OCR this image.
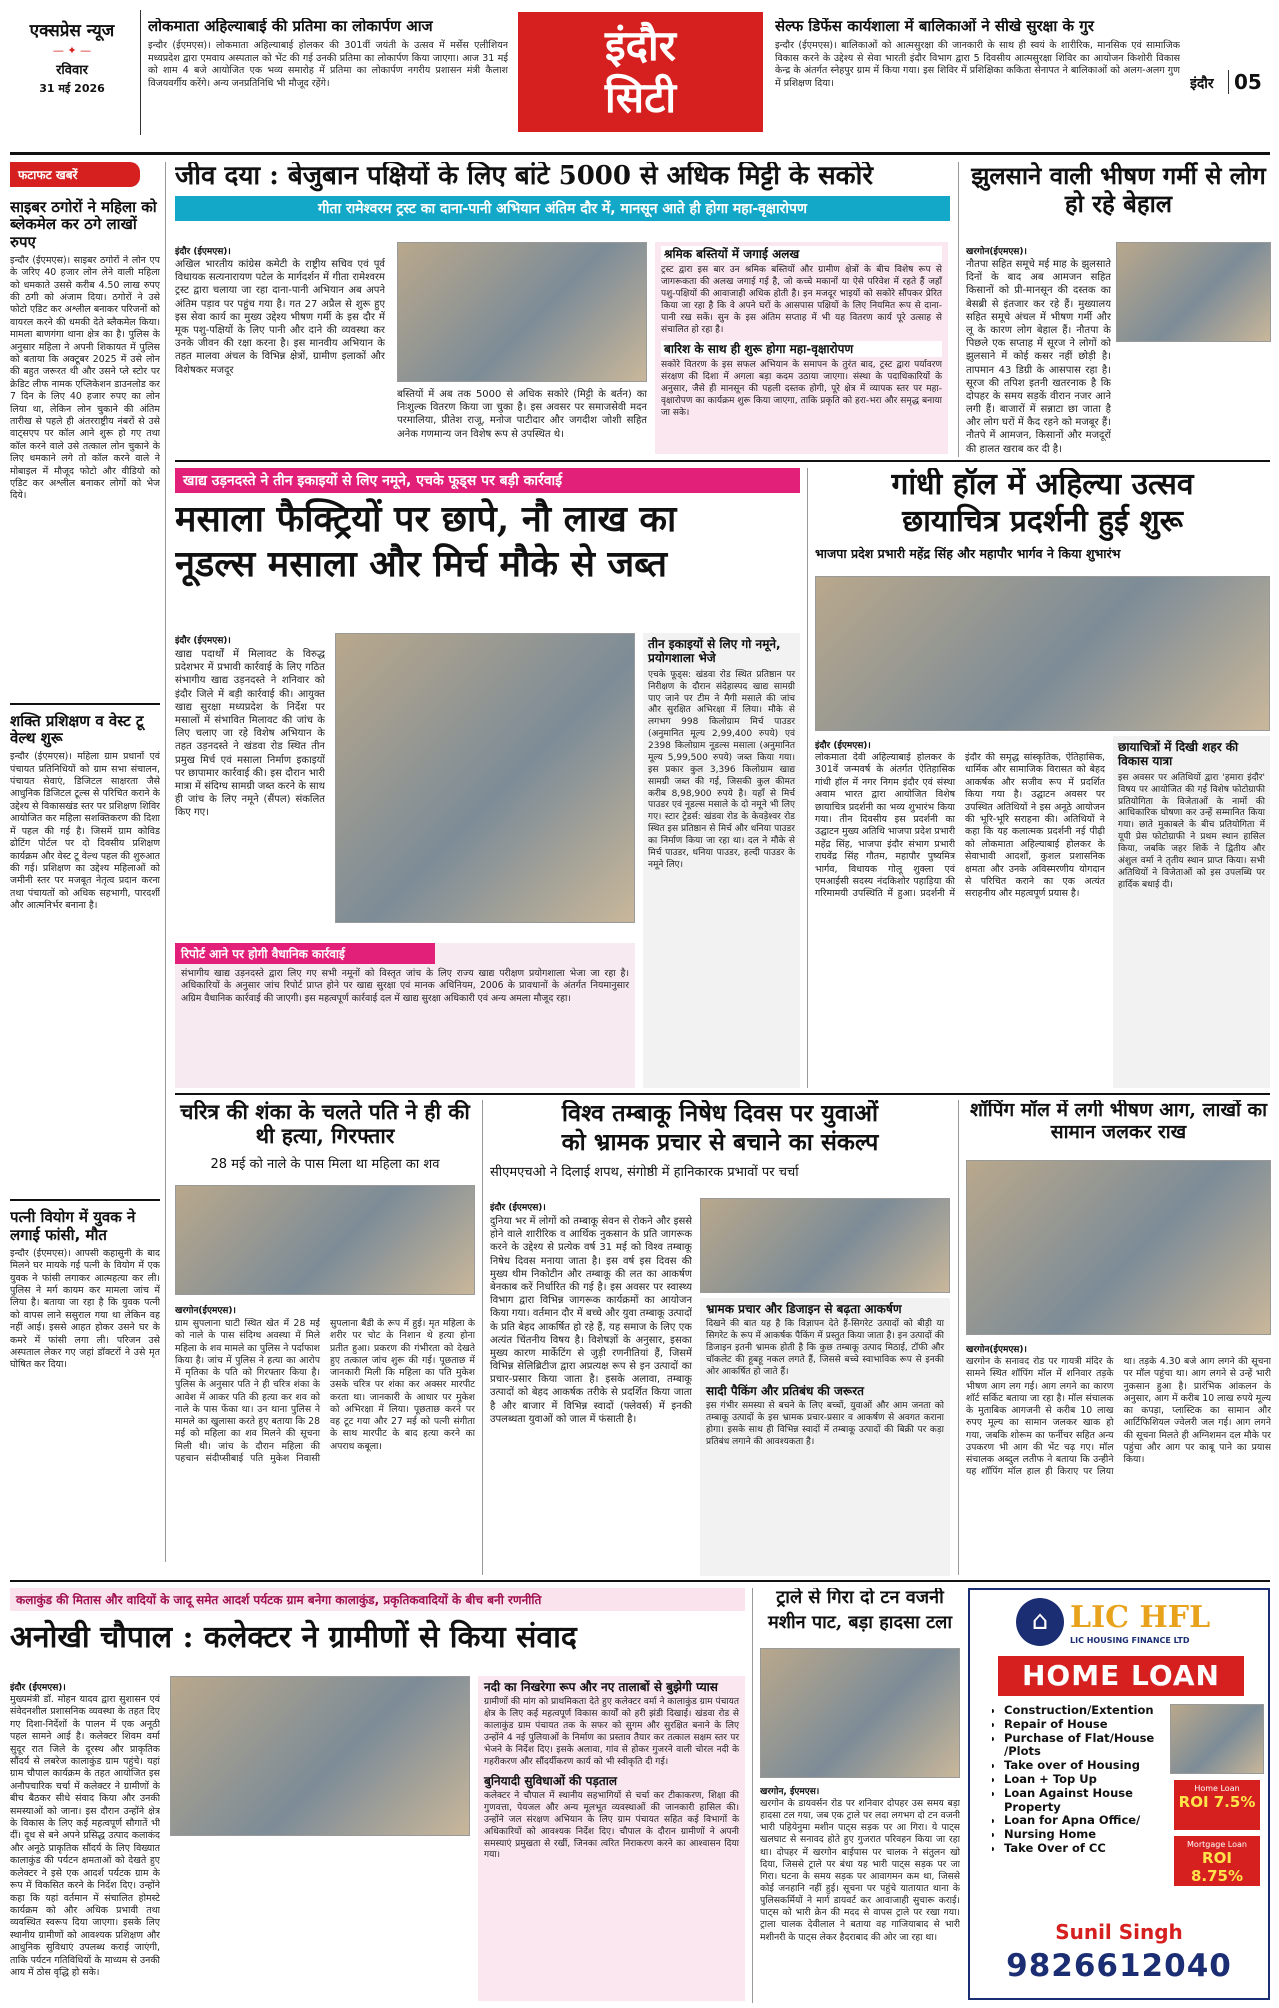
एक्सप्रेस न्यूज
— ✦ —
रविवार
31 मई 2026
लोकमाता अहिल्याबाई की प्रतिमा का लोकार्पण आज
इन्दौर (ईएमएस)। लोकमाता अहिल्याबाई होलकर की 301वीं जयंती के उत्सव में मर्सेस एलीशियन मध्यप्रदेश द्वारा एमवाय अस्पताल को भेंट की गई उनकी प्रतिमा का लोकार्पण किया जाएगा। आज 31 मई को शाम 4 बजे आयोजित एक भव्य समारोह में प्रतिमा का लोकार्पण नगरीय प्रशासन मंत्री कैलाश विजयवर्गीय करेंगे। अन्य जनप्रतिनिधि भी मौजूद रहेंगे।
इंदौर
सिटी
सेल्फ डिफेंस कार्यशाला में बालिकाओं ने सीखे सुरक्षा के गुर
इन्दौर (ईएमएस)। बालिकाओं को आत्मसुरक्षा की जानकारी के साथ ही स्वयं के शारीरिक, मानसिक एवं सामाजिक विकास करने के उद्देश्य से सेवा भारती इंदौर विभाग द्वारा 5 दिवसीय आत्मसुरक्षा शिविर का आयोजन किशोरी विकास केन्द्र के अंतर्गत स्नेहपुर ग्राम में किया गया। इस शिविर में प्रशिक्षिका ककिता सेनापत ने बालिकाओं को अलग-अलग गुण में प्रशिक्षण दिया।	इंदौर	05
फटाफट खबरें
साइबर ठगोरों ने महिला को ब्लेकमेल कर ठगे लाखों रुपए
इन्दौर (ईएमएस)। साइबर ठगोरों ने लोन एप के जरिए 40 हजार लोन लेने वाली महिला को धमकाते उससे करीब 4.50 लाख रुपए की ठगी को अंजाम दिया। ठगोरों ने उसे फोटो एडिट कर अश्लील बनाकर परिजनों को वायरल करने की धमकी देते ब्लैकमेल किया। मामला बाणगंगा थाना क्षेत्र का है। पुलिस के अनुसार महिला ने अपनी शिकायत में पुलिस को बताया कि अक्टूबर 2025 में उसे लोन की बहुत जरूरत थी और उसने प्ले स्टोर पर क्रेडिट लीफ नामक एप्लिकेशन डाउनलोड कर 7 दिन के लिए 40 हजार रुपए का लोन लिया था, लेकिन लोन चुकाने की अंतिम तारीख से पहले ही अंतरराष्ट्रीय नंबरों से उसे वाट्सएप पर कॉल आने शुरू हो गए तथा कॉल करने वाले उसे तत्काल लोन चुकाने के लिए धमकाने लगे तो कॉल करने वाले ने मोबाइल में मौजूद फोटो और वीडियो को एडिट कर अश्लील बनाकर लोगों को भेज दिये।
शक्ति प्रशिक्षण व वेस्ट टू वेल्थ शुरू
इन्दौर (ईएमएस)। महिला ग्राम प्रधानों एवं पंचायत प्रतिनिधियों को ग्राम सभा संचालन, पंचायत सेवाएं, डिजिटल साक्षरता जैसे आधुनिक डिजिटल टूल्स से परिचित कराने के उद्देश्य से विकासखंड स्तर पर प्रशिक्षण शिविर आयोजित कर महिला सशक्तिकरण की दिशा में पहल की गई है। जिसमें ग्राम कोविड ढोटिंग पोर्टल पर दो दिवसीय प्रशिक्षण कार्यक्रम और वेस्ट टू वेल्थ पहल की शुरुआत की गई। प्रशिक्षण का उद्देश्य महिलाओं को जमीनी स्तर पर मजबूत नेतृत्व प्रदान करना तथा पंचायतों को अधिक सहभागी, पारदर्शी और आत्मनिर्भर बनाना है।
पत्नी वियोग में युवक ने लगाई फांसी, मौत
इन्दौर (ईएमएस)। आपसी कहासुनी के बाद मिलने घर मायके गई पत्नी के वियोग में एक युवक ने फांसी लगाकर आत्महत्या कर ली। पुलिस ने मर्ग कायम कर मामला जांच में लिया है। बताया जा रहा है कि युवक पत्नी को वापस लाने ससुराल गया था लेकिन वह नहीं आई। इससे आहत होकर उसने घर के कमरे में फांसी लगा ली। परिजन उसे अस्पताल लेकर गए जहां डॉक्टरों ने उसे मृत घोषित कर दिया।
जीव दया : बेजुबान पक्षियों के लिए बांटे 5000 से अधिक मिट्टी के सकोरे
गीता रामेश्वरम ट्रस्ट का दाना-पानी अभियान अंतिम दौर में, मानसून आते ही होगा महा-वृक्षारोपण
इंदौर (ईएमएस)।
अखिल भारतीय कांग्रेस कमेटी के राष्ट्रीय सचिव एवं पूर्व विधायक सत्यनारायण पटेल के मार्गदर्शन में गीता रामेश्वरम ट्रस्ट द्वारा चलाया जा रहा दाना-पानी अभियान अब अपने अंतिम पड़ाव पर पहुंच गया है। गत 27 अप्रैल से शुरू हुए इस सेवा कार्य का मुख्य उद्देश्य भीषण गर्मी के इस दौर में मूक पशु-पक्षियों के लिए पानी और दाने की व्यवस्था कर उनके जीवन की रक्षा करना है। इस मानवीय अभियान के तहत मालवा अंचल के विभिन्न क्षेत्रों, ग्रामीण इलाकों और विशेषकर मजदूर
बस्तियों में अब तक 5000 से अधिक सकोरे (मिट्टी के बर्तन) का निःशुल्क वितरण किया जा चुका है। इस अवसर पर समाजसेवी मदन परमालिया, प्रीतेश राजू, मनोज पाटीदार और जगदीश जोशी सहित अनेक गणमान्य जन विशेष रूप से उपस्थित थे।
श्रमिक बस्तियों में जगाई अलख
ट्रस्ट द्वारा इस बार उन श्रमिक बस्तियों और ग्रामीण क्षेत्रों के बीच विशेष रूप से जागरूकता की अलख जगाई गई है, जो कच्चे मकानों या ऐसे परिवेश में रहते हैं जहाँ पशु-पक्षियों की आवाजाही अधिक होती है। इन मजदूर भाइयों को सकोरे सौंपकर प्रेरित किया जा रहा है कि वे अपने घरों के आसपास पक्षियों के लिए नियमित रूप से दाना-पानी रख सकें। सुन के इस अंतिम सप्ताह में भी यह वितरण कार्य पूरे उत्साह से संचालित हो रहा है।
बारिश के साथ ही शुरू होगा महा-वृक्षारोपण
सकोरे वितरण के इस सफल अभियान के समापन के तुरंत बाद, ट्रस्ट द्वारा पर्यावरण संरक्षण की दिशा में अगला बड़ा कदम उठाया जाएगा। संस्था के पदाधिकारियों के अनुसार, जैसे ही मानसून की पहली दस्तक होगी, पूरे क्षेत्र में व्यापक स्तर पर महा-वृक्षारोपण का कार्यक्रम शुरू किया जाएगा, ताकि प्रकृति को हरा-भरा और समृद्ध बनाया जा सके।
झुलसाने वाली भीषण गर्मी से लोग हो रहे बेहाल
खरगोन(ईएमएस)।
नौतपा सहित समूचे मई माह के झुलसाते दिनों के बाद अब आमजन सहित किसानों को प्री-मानसून की दस्तक का बेसब्री से इंतजार कर रहे हैं। मुख्यालय सहित समूचे अंचल में भीषण गर्मी और लू के कारण लोग बेहाल हैं। नौतपा के पिछले एक सप्ताह में सूरज ने लोगों को झुलसाने में कोई कसर नहीं छोड़ी है। तापमान 43 डिग्री के आसपास रहा है। सूरज की तपिश इतनी खतरनाक है कि दोपहर के समय सड़कें वीरान नजर आने लगी हैं। बाजारों में सन्नाटा छा जाता है और लोग घरों में कैद रहने को मजबूर हैं। नौतपे में आमजन, किसानों और मजदूरों की हालत खराब कर दी है।
खाद्य उड़नदस्ते ने तीन इकाइयों से लिए नमूने, एचके फूड्स पर बड़ी कार्रवाई
मसाला फैक्ट्रियों पर छापे, नौ लाख का
नूडल्स मसाला और मिर्च मौके से जब्त
इंदौर (ईएमएस)।
खाद्य पदार्थों में मिलावट के विरुद्ध प्रदेशभर में प्रभावी कार्रवाई के लिए गठित संभागीय खाद्य उड़नदस्ते ने शनिवार को इंदौर जिले में बड़ी कार्रवाई की। आयुक्त खाद्य सुरक्षा मध्यप्रदेश के निर्देश पर मसालों में संभावित मिलावट की जांच के लिए चलाए जा रहे विशेष अभियान के तहत उड़नदस्ते ने खंडवा रोड स्थित तीन प्रमुख मिर्च एवं मसाला निर्माण इकाइयों पर छापामार कार्रवाई की। इस दौरान भारी मात्रा में संदिग्ध सामग्री जब्त करने के साथ ही जांच के लिए नमूने (सैंपल) संकलित किए गए।
रिपोर्ट आने पर होगी वैधानिक कार्रवाई
संभागीय खाद्य उड़नदस्ते द्वारा लिए गए सभी नमूनों को विस्तृत जांच के लिए राज्य खाद्य परीक्षण प्रयोगशाला भेजा जा रहा है। अधिकारियों के अनुसार जांच रिपोर्ट प्राप्त होने पर खाद्य सुरक्षा एवं मानक अधिनियम, 2006 के प्रावधानों के अंतर्गत नियमानुसार अग्रिम वैधानिक कार्रवाई की जाएगी। इस महत्वपूर्ण कार्रवाई दल में खाद्य सुरक्षा अधिकारी एवं अन्य अमला मौजूद रहा।
तीन इकाइयों से लिए गो नमूने, प्रयोगशाला भेजे
एचके फूड्स: खंडवा रोड स्थित प्रतिष्ठान पर निरीक्षण के दौरान संदेहास्पद खाद्य सामग्री पाए जाने पर टीम ने मैगी मसाले की जांच और सुरक्षित अभिरक्षा में लिया। मौके से लगभग 998 किलोग्राम मिर्च पाउडर (अनुमानित मूल्य 2,99,400 रुपये) एवं 2398 किलोग्राम नूडल्स मसाला (अनुमानित मूल्य 5,99,500 रुपये) जब्त किया गया। इस प्रकार कुल 3,396 किलोग्राम खाद्य सामग्री जब्त की गई, जिसकी कुल कीमत करीब 8,98,900 रुपये है। यहाँ से मिर्च पाउडर एवं नूडल्स मसाले के दो नमूने भी लिए गए। स्टार ट्रेडर्स: खंडवा रोड के केवड़ेश्वर रोड स्थित इस प्रतिष्ठान से मिर्च और धनिया पाउडर का निर्माण किया जा रहा था। दल ने मौके से मिर्च पाउडर, धनिया पाउडर, हल्दी पाउडर के नमूने लिए।
गांधी हॉल में अहिल्या उत्सव
छायाचित्र प्रदर्शनी हुई शुरू
भाजपा प्रदेश प्रभारी महेंद्र सिंह और महापौर भार्गव ने किया शुभारंभ
इंदौर (ईएमएस)।
लोकमाता देवी अहिल्याबाई होलकर के 301वें जन्मवर्ष के अंतर्गत ऐतिहासिक गांधी हॉल में नगर निगम इंदौर एवं संस्था अवाम भारत द्वारा आयोजित विशेष छायाचित्र प्रदर्शनी का भव्य शुभारंभ किया गया। तीन दिवसीय इस प्रदर्शनी का उद्घाटन मुख्य अतिथि भाजपा प्रदेश प्रभारी महेंद्र सिंह, भाजपा इंदौर संभाग प्रभारी राघवेंद्र सिंह गौतम, महापौर पुष्यमित्र भार्गव, विधायक गोलू शुक्ला एवं एमआईसी सदस्य नंदकिशोर पहाड़िया की गरिमामयी उपस्थिति में हुआ। प्रदर्शनी में इंदौर की समृद्ध सांस्कृतिक, ऐतिहासिक, धार्मिक और सामाजिक विरासत को बेहद आकर्षक और सजीव रूप में प्रदर्शित किया गया है। उद्घाटन अवसर पर उपस्थित अतिथियों ने इस अनूठे आयोजन की भूरि-भूरि सराहना की। अतिथियों ने कहा कि यह कलात्मक प्रदर्शनी नई पीढ़ी को लोकमाता अहिल्याबाई होलकर के सेवाभावी आदर्शों, कुशल प्रशासनिक क्षमता और उनके अविस्मरणीय योगदान से परिचित कराने का एक अत्यंत सराहनीय और महत्वपूर्ण प्रयास है।
छायाचित्रों में दिखी शहर की विकास यात्रा
इस अवसर पर अतिथियों द्वारा 'हमारा इंदौर' विषय पर आयोजित की गई विशेष फोटोग्राफी प्रतियोगिता के विजेताओं के नामों की आधिकारिक घोषणा कर उन्हें सम्मानित किया गया। छाते मुकाबले के बीच प्रतियोगिता में यूपी प्रेस फोटोग्राफी ने प्रथम स्थान हासिल किया, जबकि जहर शिर्के ने द्वितीय और अंशुल वर्मा ने तृतीय स्थान प्राप्त किया। सभी अतिथियों ने विजेताओं को इस उपलब्धि पर हार्दिक बधाई दी।
चरित्र की शंका के चलते पति ने ही की थी हत्या, गिरफ्तार
28 मई को नाले के पास मिला था महिला का शव
खरगोन(ईएमएस)।
ग्राम सुपलाना घाटी स्थित खेत में 28 मई को नाले के पास संदिग्ध अवस्था में मिले महिला के शव मामले का पुलिस ने पर्दाफाश किया है। जांच में पुलिस ने हत्या का आरोप में मृतिका के पति को गिरफ्तार किया है। पुलिस के अनुसार पति ने ही चरित्र शंका के आवेश में आकर पति की हत्या कर शव को नाले के पास फेंका था। उन थाना पुलिस ने मामले का खुलासा करते हुए बताया कि 28 मई को महिला का शव मिलने की सूचना मिली थी। जांच के दौरान महिला की पहचान संदीप्सीबाई पति मुकेश निवासी सुपलाना बैडी के रूप में हुई। मृत महिला के शरीर पर चोट के निशान थे हत्या होना प्रतीत हुआ। प्रकरण की गंभीरता को देखते हुए तत्काल जांच शुरू की गई। पूछताछ में जानकारी मिली कि महिला का पति मुकेश उसके चरित्र पर शंका कर अक्सर मारपीट करता था। जानकारी के आधार पर मुकेश को अभिरक्षा में लिया। पूछताछ करने पर वह टूट गया और 27 मई को पत्नी संगीता के साथ मारपीट के बाद हत्या करने का अपराध कबूला।
विश्व तम्बाकू निषेध दिवस पर युवाओं
को भ्रामक प्रचार से बचाने का संकल्प
सीएमएचओ ने दिलाई शपथ, संगोष्ठी में हानिकारक प्रभावों पर चर्चा
इंदौर (ईएमएस)।
दुनिया भर में लोगों को तम्बाकू सेवन से रोकने और इससे होने वाले शारीरिक व आर्थिक नुकसान के प्रति जागरूक करने के उद्देश्य से प्रत्येक वर्ष 31 मई को विश्व तम्बाकू निषेध दिवस मनाया जाता है। इस वर्ष इस दिवस की मुख्य थीम निकोटीन और तम्बाकू की लत का आकर्षण बेनकाब करें निर्धारित की गई है। इस अवसर पर स्वास्थ्य विभाग द्वारा विभिन्न जागरूक कार्यक्रमों का आयोजन किया गया। वर्तमान दौर में बच्चे और युवा तम्बाकू उत्पादों के प्रति बेहद आकर्षित हो रहे हैं, यह समाज के लिए एक अत्यंत चिंतनीय विषय है। विशेषज्ञों के अनुसार, इसका मुख्य कारण मार्केटिंग से जुड़ी रणनीतियां हैं, जिसमें विभिन्न सेलिब्रिटीज द्वारा अप्रत्यक्ष रूप से इन उत्पादों का प्रचार-प्रसार किया जाता है। इसके अलावा, तम्बाकू उत्पादों को बेहद आकर्षक तरीके से प्रदर्शित किया जाता है और बाजार में विभिन्न स्वादों (फ्लेवर्स) में इनकी उपलब्धता युवाओं को जाल में फंसाती है।
भ्रामक प्रचार और डिजाइन से बढ़ता आकर्षण
दिखने की बात यह है कि विज्ञापन देते हैं-सिगरेट उत्पादों को बीड़ी या सिगरेट के रूप में आकर्षक पैकिंग में प्रस्तुत किया जाता है। इन उत्पादों की डिजाइन इतनी भ्रामक होती है कि कुछ तम्बाकू उत्पाद मिठाई, टॉफी और चॉकलेट की हूबहू नकल लगते हैं, जिससे बच्चे स्वाभाविक रूप से इनकी ओर आकर्षित हो जाते हैं।
सादी पैकिंग और प्रतिबंध की जरूरत
इस गंभीर समस्या से बचने के लिए बच्चों, युवाओं और आम जनता को तम्बाकू उत्पादों के इस भ्रामक प्रचार-प्रसार व आकर्षण से अवगत कराना होगा। इसके साथ ही विभिन्न स्वादों में तम्बाकू उत्पादों की बिक्री पर कड़ा प्रतिबंध लगाने की आवश्यकता है।
शॉपिंग मॉल में लगी भीषण आग, लाखों का सामान जलकर राख
खरगोन(ईएमएस)।
खरगोन के सनावद रोड पर गायत्री मंदिर के सामने स्थित शॉपिंग मॉल में शनिवार तड़के भीषण आग लग गई। आग लगने का कारण शॉर्ट सर्किट बताया जा रहा है। मॉल संचालक के मुताबिक आगजनी से करीब 10 लाख रुपए मूल्य का सामान जलकर खाक हो गया, जबकि शोरूम का फर्नीचर सहित अन्य उपकरण भी आग की भेंट चढ़ गए। मॉल संचालक अब्दुल लतीफ ने बताया कि उन्हीने यह शॉपिंग मॉल हाल ही किराए पर लिया था। तड़के 4.30 बजे आग लगने की सूचना पर मॉल पहुंचा था। आग लगने से उन्हें भारी नुकसान हुआ है। प्रारंभिक आंकलन के अनुसार, आग में करीब 10 लाख रुपये मूल्य का कपड़ा, प्लास्टिक का सामान और आर्टिफिशियल ज्वेलरी जल गई। आग लगने की सूचना मिलते ही अग्निशमन दल मौके पर पहुंचा और आग पर काबू पाने का प्रयास किया।
कलाकुंड की मितास और वादियों के जादू समेत आदर्श पर्यटक ग्राम बनेगा कालाकुंड, प्रकृतिकवादियों के बीच बनी रणनीति
अनोखी चौपाल : कलेक्टर ने ग्रामीणों से किया संवाद
इंदौर (ईएमएस)।
मुख्यमंत्री डॉ. मोहन यादव द्वारा सुशासन एवं संवेदनशील प्रशासनिक व्यवस्था के तहत दिए गए दिशा-निर्देशों के पालन में एक अनूठी पहल सामने आई है। कलेक्टर शिवम वर्मा सुदूर रात जिले के दूरस्थ और प्राकृतिक सौंदर्य से लबरेज कालाकुंड ग्राम पहुंचे। यहां ग्राम चौपाल कार्यक्रम के तहत आयोजित इस अनौपचारिक चर्चा में कलेक्टर ने ग्रामीणों के बीच बैठकर सीधे संवाद किया और उनकी समस्याओं को जाना। इस दौरान उन्होंने क्षेत्र के विकास के लिए कई महत्वपूर्ण सौगातें भी दीं। दूध से बने अपने प्रसिद्ध उत्पाद कलाकंद और अनूठे प्राकृतिक सौंदर्य के लिए विख्यात कालाकुंड की पर्यटन क्षमताओं को देखते हुए कलेक्टर ने इसे एक आदर्श पर्यटक ग्राम के रूप में विकसित करने के निर्देश दिए। उन्होंने कहा कि यहां वर्तमान में संचालित होमस्टे कार्यक्रम को और अधिक प्रभावी तथा व्यवस्थित स्वरूप दिया जाएगा। इसके लिए स्थानीय ग्रामीणों को आवश्यक प्रशिक्षण और आधुनिक सुविधाएं उपलब्ध कराई जाएंगी, ताकि पर्यटन गतिविधियों के माध्यम से उनकी आय में ठोस वृद्धि हो सके।
नदी का निखरेगा रूप और नए तालाबों से बुझेगी प्यास
ग्रामीणों की मांग को प्राथमिकता देते हुए कलेक्टर वर्मा ने कालाकुंड ग्राम पंचायत क्षेत्र के लिए कई महत्वपूर्ण विकास कार्यों को हरी झंडी दिखाई। खंडवा रोड से कालाकुंड ग्राम पंचायत तक के सफर को सुगम और सुरक्षित बनाने के लिए उन्होंने 4 नई पुलियाओं के निर्माण का प्रस्ताव तैयार कर तत्काल सक्षम स्तर पर भेजने के निर्देश दिए। इसके अलावा, गांव से होकर गुजरने वाली चोरल नदी के गहरीकरण और सौंदर्यीकरण कार्य को भी स्वीकृति दी गई।
बुनियादी सुविधाओं की पड़ताल
कलेक्टर ने चौपाल में स्थानीय सहभागियों से चर्चा कर टीकाकरण, शिक्षा की गुणवत्ता, पेयजल और अन्य मूलभूत व्यवस्थाओं की जानकारी हासिल की। उन्होंने जल संरक्षण अभियान के लिए ग्राम पंचायत सहित कई विभागों के अधिकारियों को आवश्यक निर्देश दिए। चौपाल के दौरान ग्रामीणों ने अपनी समस्याएं प्रमुखता से रखीं, जिनका त्वरित निराकरण करने का आश्वासन दिया गया।
ट्राले से गिरा दो टन वजनी
मशीन पाट, बड़ा हादसा टला
खरगोन, ईएमएस।
खरगोन के डायवर्सन रोड पर शनिवार दोपहर उस समय बड़ा हादसा टल गया, जब एक ट्राले पर लदा लगभग दो टन वजनी भारी पहियेनुमा मशीन पाट्स सड़क पर आ गिरा। ये पाट्स खलघाट से सनावद होते हुए गुजरात परिवहन किया जा रहा था। दोपहर में खरगोन बाईपास पर चालक ने संतुलन खो दिया, जिससे ट्राले पर बंधा यह भारी पाट्स सड़क पर जा गिरा। घटना के समय सड़क पर आवागमन कम था, जिससे कोई जनहानि नहीं हुई। सूचना पर पहुंचे यातायात थाना के पुलिसकर्मियों ने मार्ग डायवर्ट कर आवाजाही सुचारू कराई। पाट्स को भारी क्रेन की मदद से वापस ट्राले पर रखा गया। ट्राला चालक देवीलाल ने बताया वह गाजियाबाद से भारी मशीनरी के पाट्स लेकर हैदराबाद की ओर जा रहा था।
⌂ LIC HFL
LIC HOUSING FINANCE LTD
HOME LOAN
• Construction/Extention
• Repair of House
• Purchase of Flat/House /Plots
• Take over of Housing
• Loan + Top Up
• Loan Against House Property
• Loan for Apna Office/
• Nursing Home
• Take Over of CC
Home Loan
ROI 7.5%
Mortgage Loan
ROI 8.75%
Sunil Singh
9826612040
